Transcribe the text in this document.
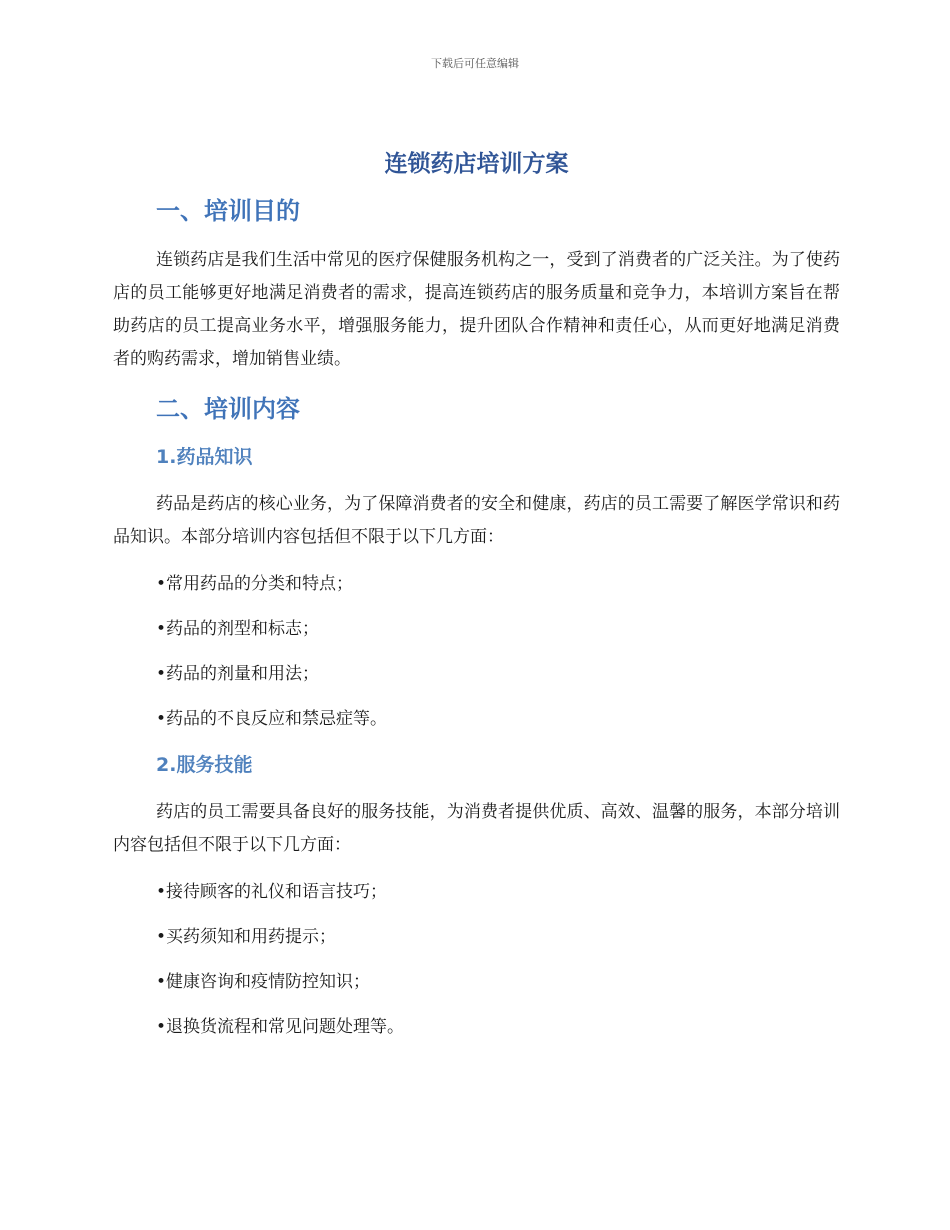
下载后可任意编辑
连锁药店培训方案
一、培训目的

连锁药店是我们生活中常见的医疗保健服务机构之一，受到了消费者的广泛关注。为了使药店的员工能够更好地满足消费者的需求，提高连锁药店的服务质量和竞争力，本培训方案旨在帮助药店的员工提高业务水平，增强服务能力，提升团队合作精神和责任心，从而更好地满足消费者的购药需求，增加销售业绩。

二、培训内容
1.药品知识

药品是药店的核心业务，为了保障消费者的安全和健康，药店的员工需要了解医学常识和药品知识。本部分培训内容包括但不限于以下几方面：

•常用药品的分类和特点；
•药品的剂型和标志；
•药品的剂量和用法；
•药品的不良反应和禁忌症等。
2.服务技能

药店的员工需要具备良好的服务技能，为消费者提供优质、高效、温馨的服务，本部分培训内容包括但不限于以下几方面：

•接待顾客的礼仪和语言技巧；
•买药须知和用药提示；
•健康咨询和疫情防控知识；
•退换货流程和常见问题处理等。
